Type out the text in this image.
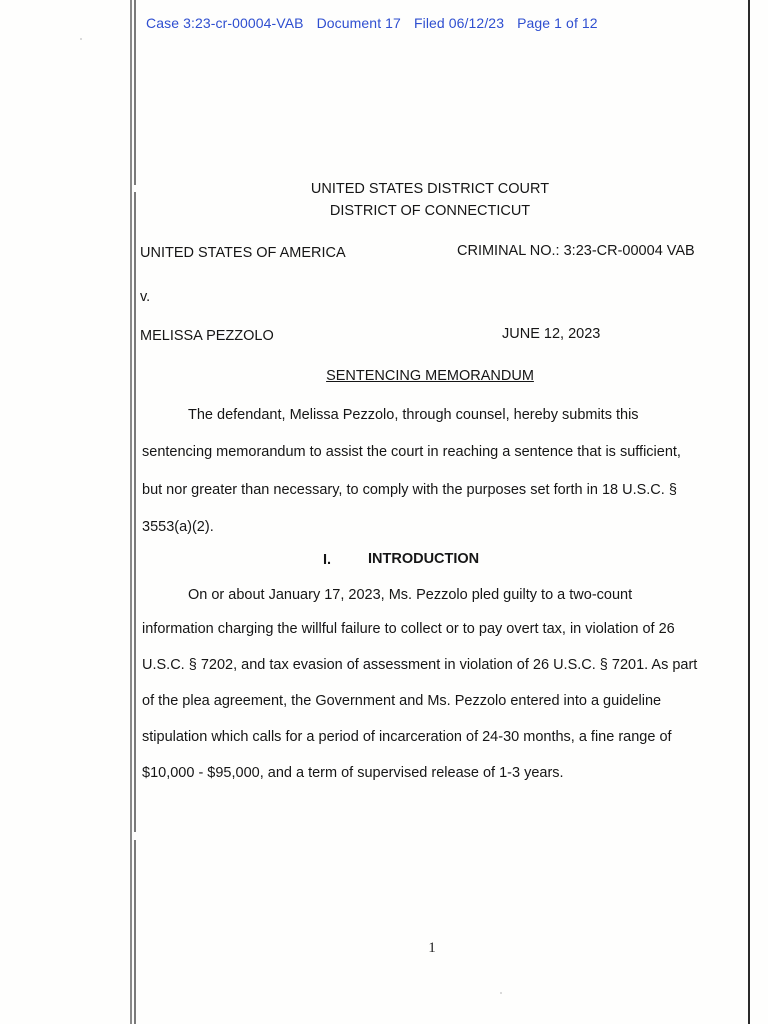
Case 3:23-cr-00004-VAB Document 17 Filed 06/12/23 Page 1 of 12
UNITED STATES DISTRICT COURT
DISTRICT OF CONNECTICUT
UNITED STATES OF AMERICA	CRIMINAL NO.: 3:23-CR-00004 VAB
v.
MELISSA PEZZOLO	JUNE 12, 2023
SENTENCING MEMORANDUM
The defendant, Melissa Pezzolo, through counsel, hereby submits this
sentencing memorandum to assist the court in reaching a sentence that is sufficient,
but nor greater than necessary, to comply with the purposes set forth in 18 U.S.C. §
3553(a)(2).
I.	INTRODUCTION
On or about January 17, 2023, Ms. Pezzolo pled guilty to a two-count
information charging the willful failure to collect or to pay overt tax, in violation of 26
U.S.C. § 7202, and tax evasion of assessment in violation of 26 U.S.C. § 7201. As part
of the plea agreement, the Government and Ms. Pezzolo entered into a guideline
stipulation which calls for a period of incarceration of 24-30 months, a fine range of
$10,000 - $95,000, and a term of supervised release of 1-3 years.
1
